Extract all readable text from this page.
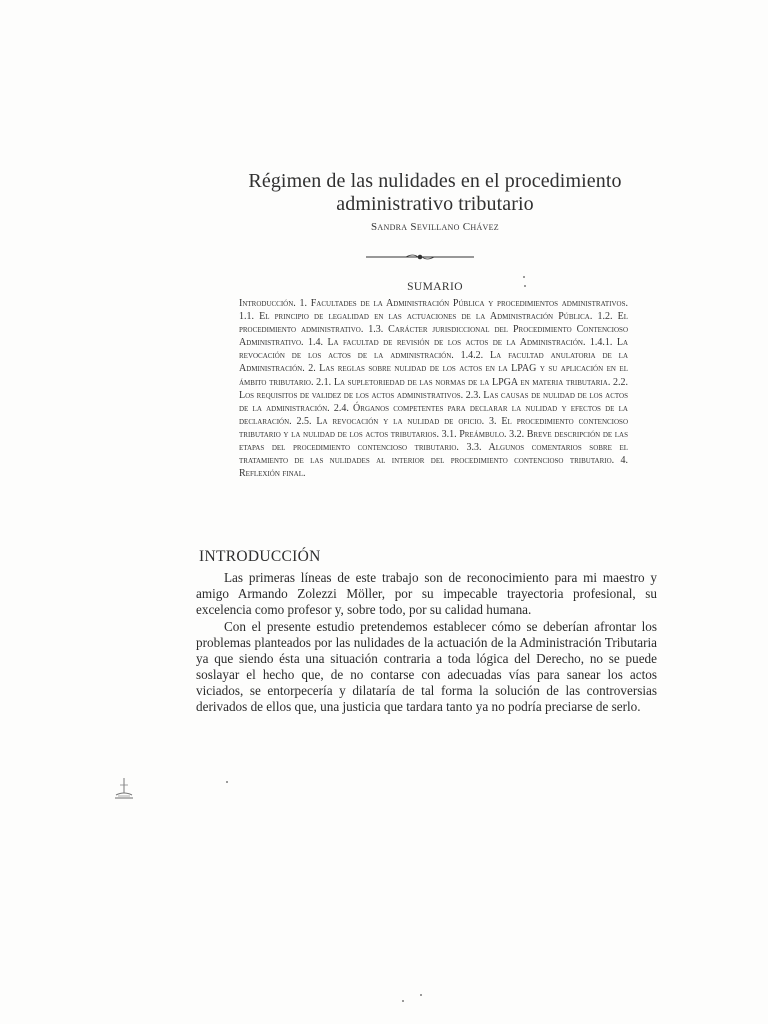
Régimen de las nulidades en el procedimiento administrativo tributario
Sandra Sevillano Chávez
SUMARIO
Introducción. 1. Facultades de la Administración Pública y procedimientos administrativos. 1.1. El principio de legalidad en las actuaciones de la Administración Pública. 1.2. El procedimiento administrativo. 1.3. Carácter jurisdiccional del Procedimiento Contencioso Administrativo. 1.4. La facultad de revisión de los actos de la Administración. 1.4.1. La revocación de los actos de la administración. 1.4.2. La facultad anulatoria de la Administración. 2. Las reglas sobre nulidad de los actos en la LPAG y su aplicación en el ámbito tributario. 2.1. La supletoriedad de las normas de la LPGA en materia tributaria. 2.2. Los requisitos de validez de los actos administrativos. 2.3. Las causas de nulidad de los actos de la administración. 2.4. Órganos competentes para declarar la nulidad y efectos de la declaración. 2.5. La revocación y la nulidad de oficio. 3. El procedimiento contencioso tributario y la nulidad de los actos tributarios. 3.1. Preámbulo. 3.2. Breve descripción de las etapas del procedimiento contencioso tributario. 3.3. Algunos comentarios sobre el tratamiento de las nulidades al interior del procedimiento contencioso tributario. 4. Reflexión final.
INTRODUCCIÓN

Las primeras líneas de este trabajo son de reconocimiento para mi maestro y amigo Armando Zolezzi Möller, por su impecable trayectoria profesional, su excelencia como profesor y, sobre todo, por su calidad humana.

Con el presente estudio pretendemos establecer cómo se deberían afrontar los problemas planteados por las nulidades de la actuación de la Administración Tributaria ya que siendo ésta una situación contraria a toda lógica del Derecho, no se puede soslayar el hecho que, de no contarse con adecuadas vías para sanear los actos viciados, se entorpecería y dilataría de tal forma la solución de las controversias derivados de ellos que, una justicia que tardara tanto ya no podría preciarse de serlo.
